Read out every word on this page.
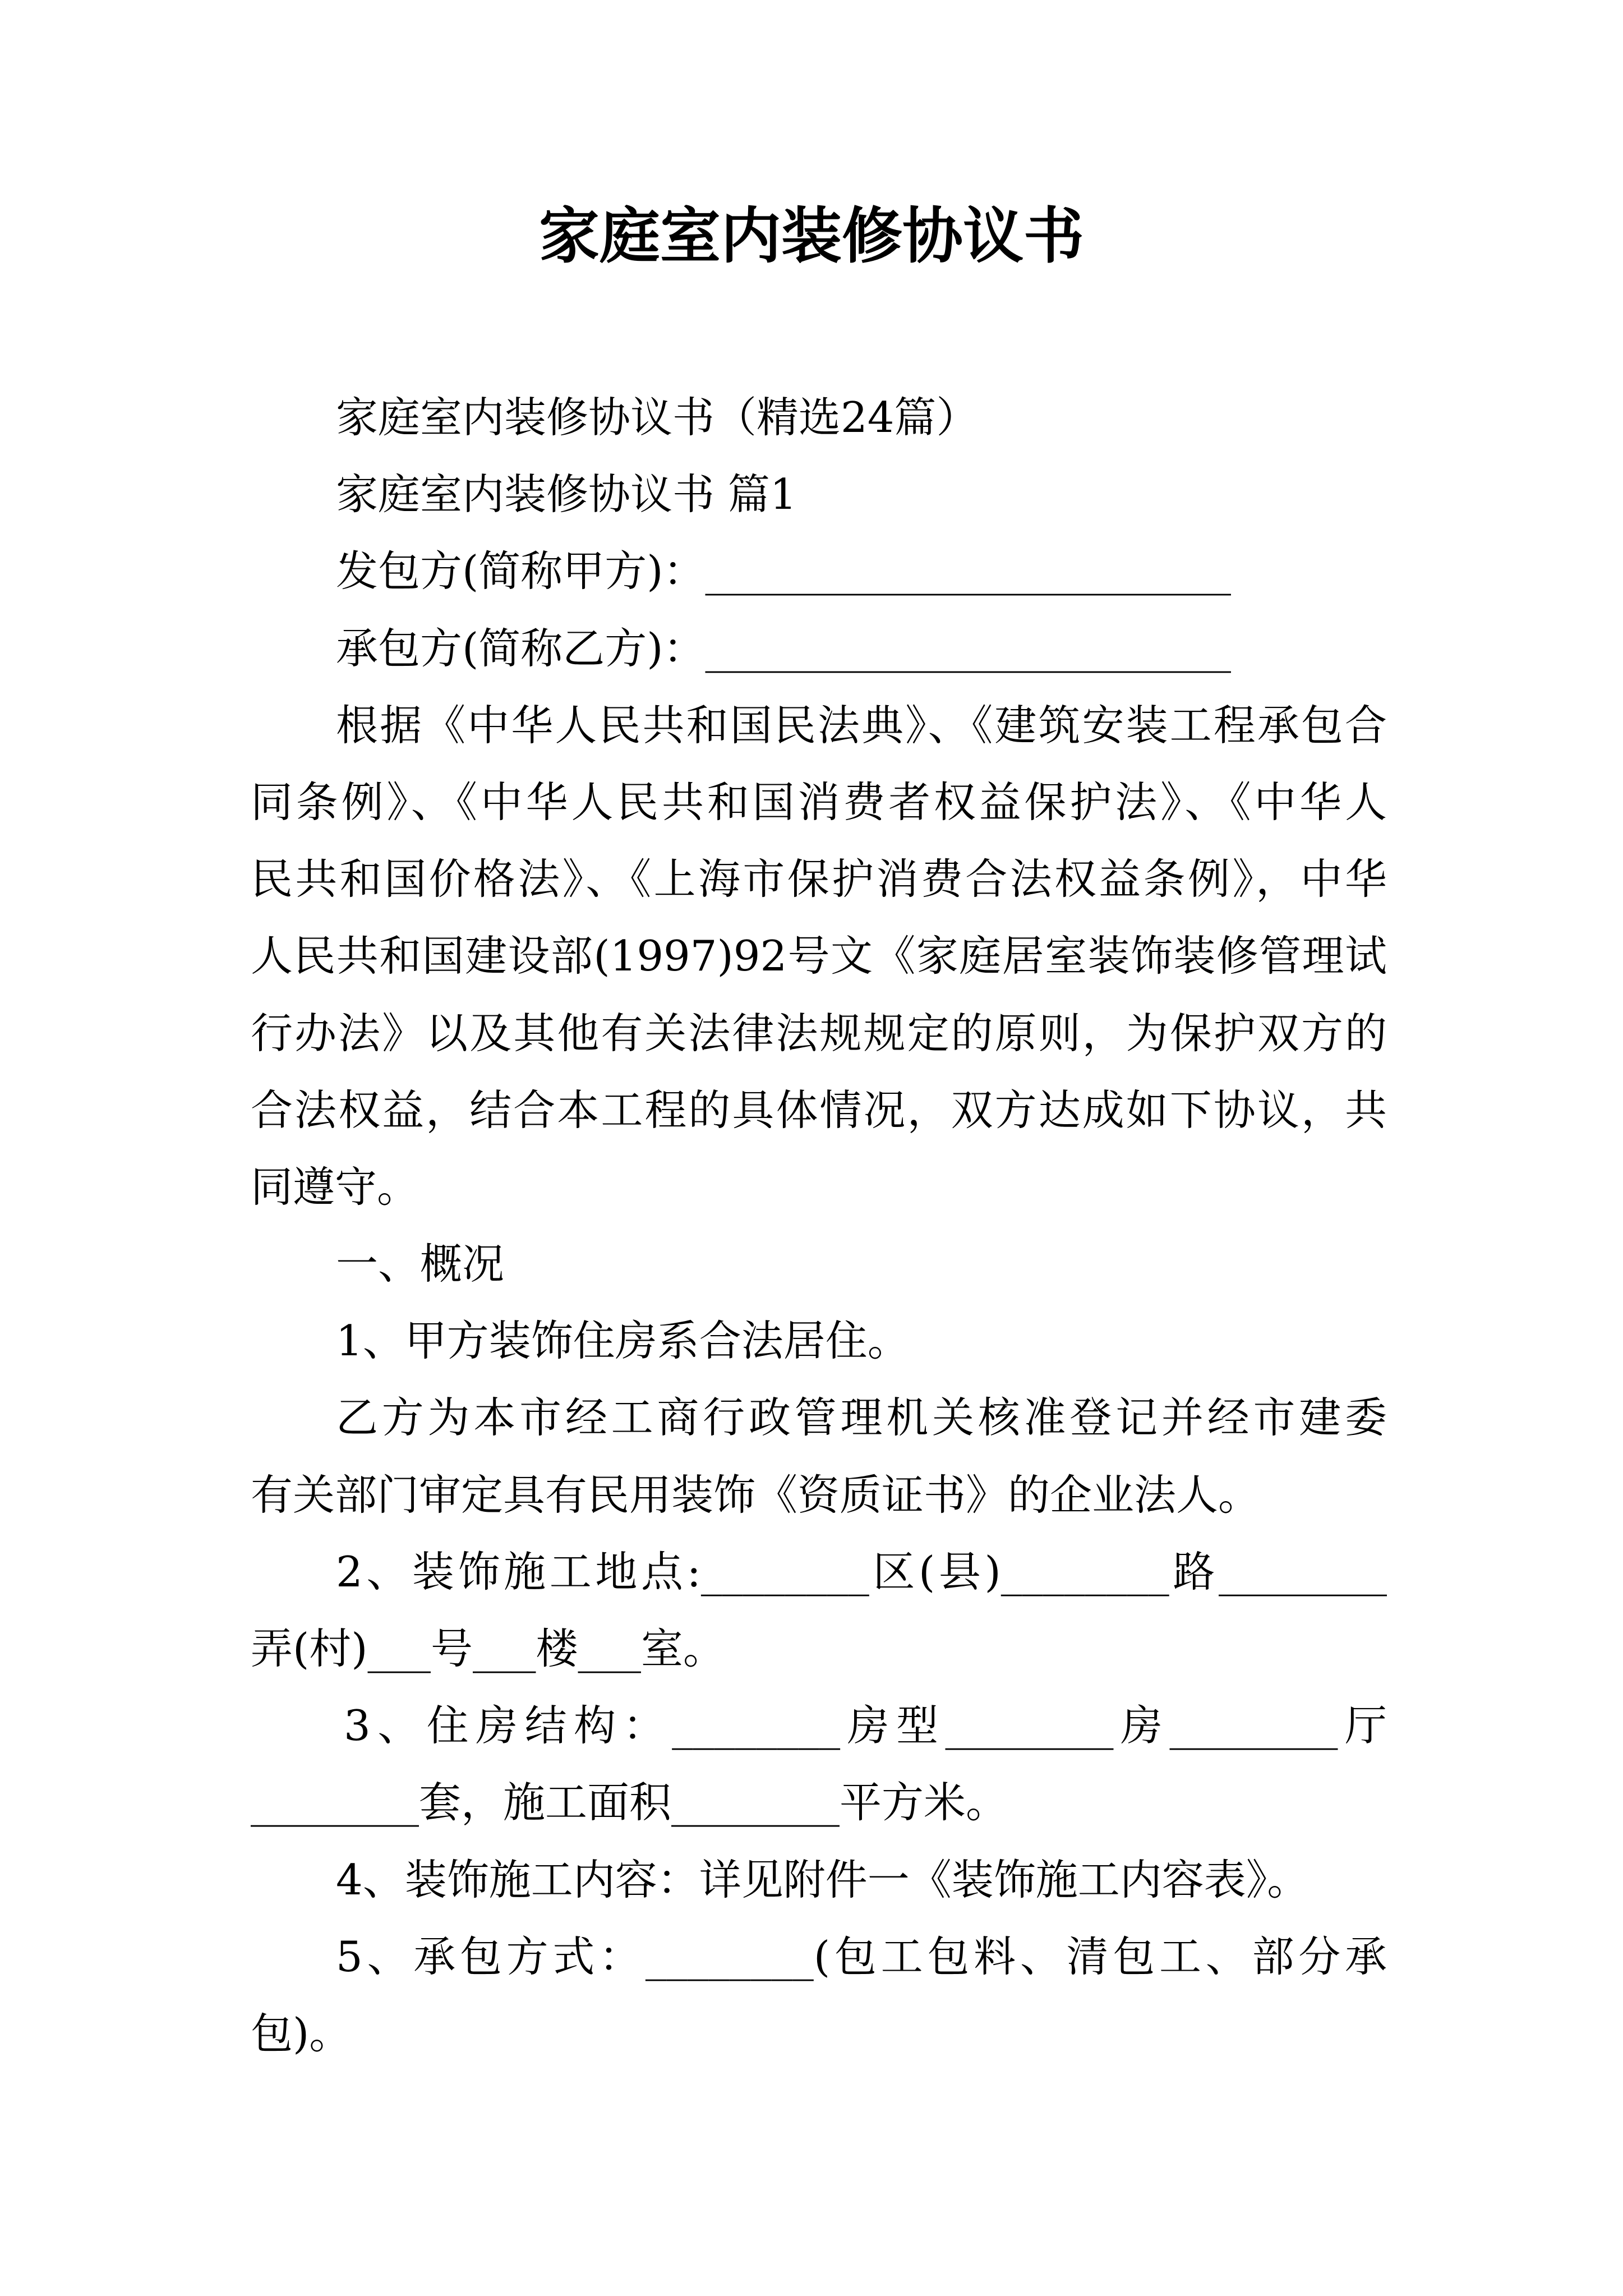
家庭室内装修协议书
家庭室内装修协议书（精选24篇）
家庭室内装修协议书 篇1
发包方(简称甲方)：_________________________
承包方(简称乙方)：_________________________
根据《中华人民共和国民法典》、《建筑安装工程承包合
同条例》、《中华人民共和国消费者权益保护法》、《中华人
民共和国价格法》、《上海市保护消费合法权益条例》，中华
人民共和国建设部(1997)92号文《家庭居室装饰装修管理试
行办法》以及其他有关法律法规规定的原则，为保护双方的
合法权益，结合本工程的具体情况，双方达成如下协议，共
同遵守。
一、概况
1、甲方装饰住房系合法居住。
乙方为本市经工商行政管理机关核准登记并经市建委
有关部门审定具有民用装饰《资质证书》的企业法人。
2、装饰施工地点:________区(县)________路________
弄(村)___号___楼___室。
3、住房结构：________房型________房________厅
________套，施工面积________平方米。
4、装饰施工内容：详见附件一《装饰施工内容表》。
5、承包方式：________(包工包料、清包工、部分承
包)。
